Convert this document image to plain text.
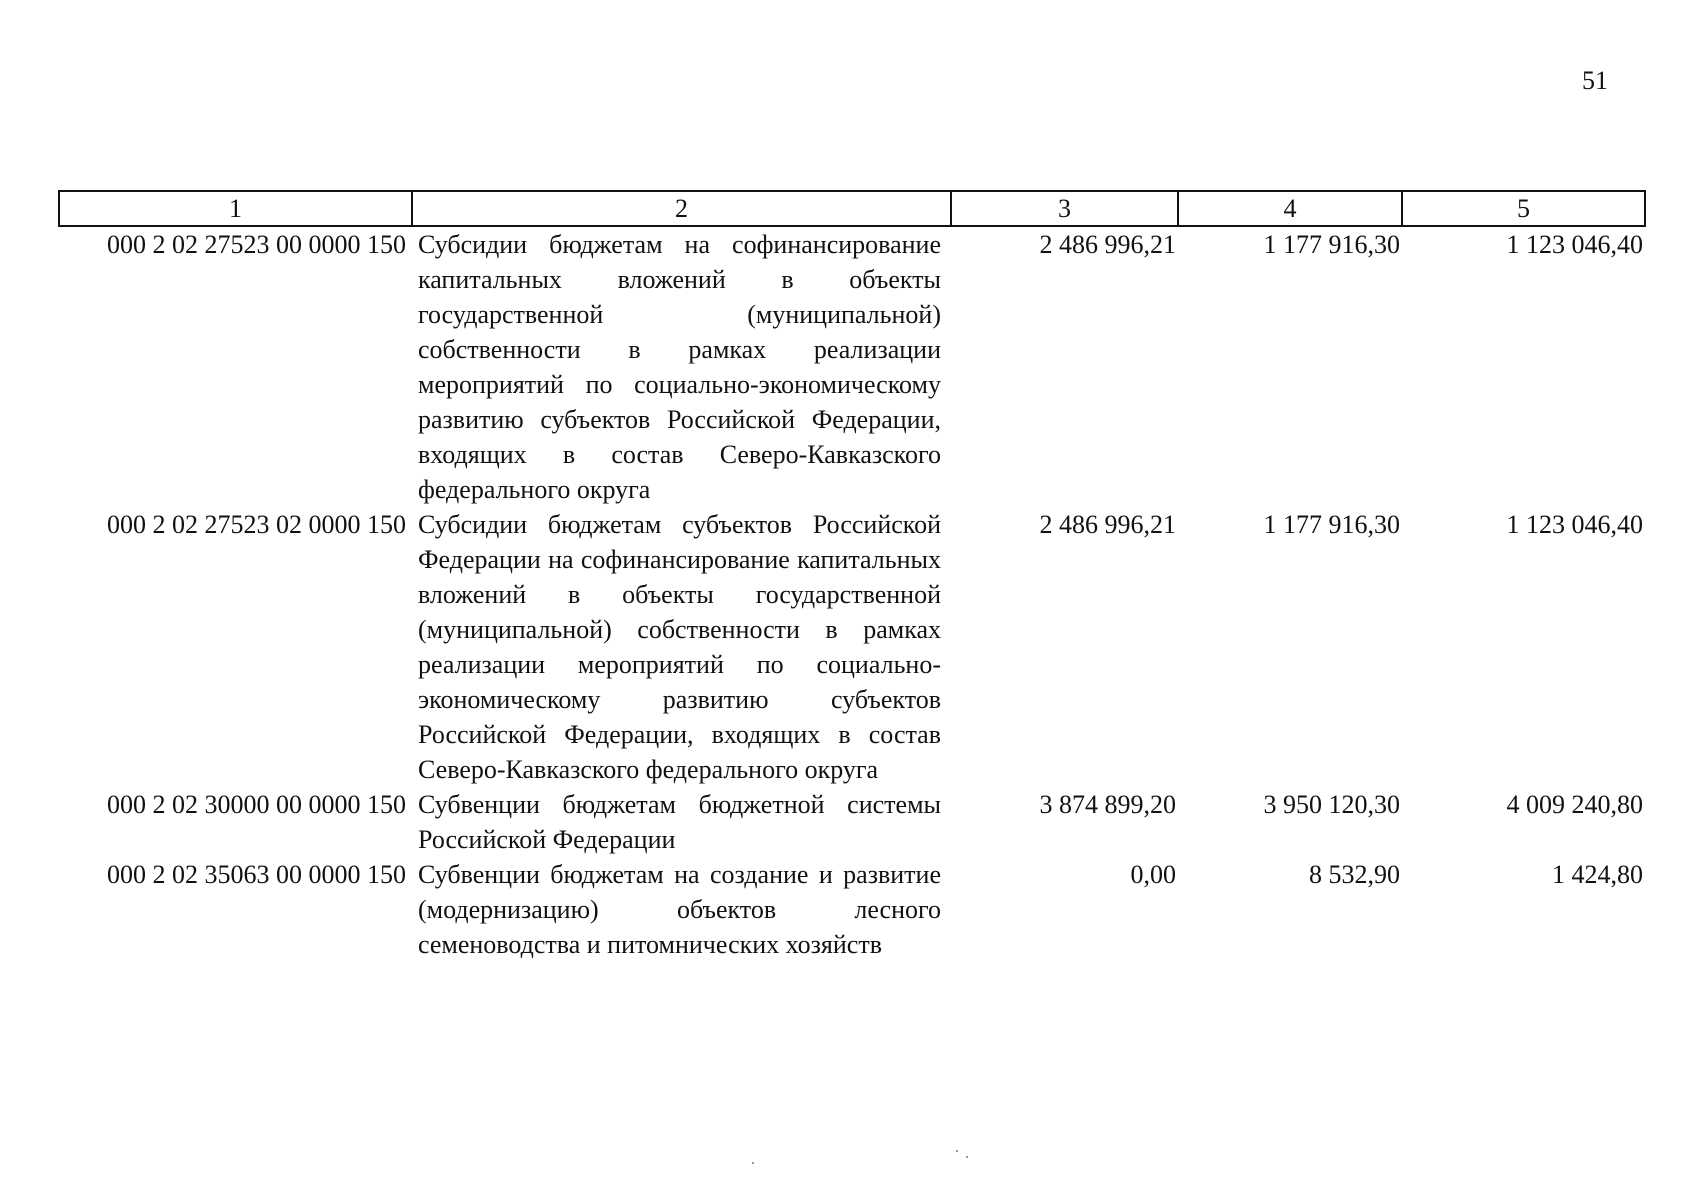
51
1	2	3	4	5
000 2 02 27523 00 0000 150	Субсидии бюджетам на софинансирование капитальных вложений в объекты государственной (муниципальной) собственности в рамках реализации мероприятий по социально-экономическому развитию субъектов Российской Федерации, входящих в состав Северо-Кавказского федерального округа	2 486 996,21	1 177 916,30	1 123 046,40
000 2 02 27523 02 0000 150	Субсидии бюджетам субъектов Российской Федерации на софинансирование капитальных вложений в объекты государственной (муниципальной) собственности в рамках реализации мероприятий по социально-экономическому развитию субъектов Российской Федерации, входящих в состав Северо-Кавказского федерального округа	2 486 996,21	1 177 916,30	1 123 046,40
000 2 02 30000 00 0000 150	Субвенции бюджетам бюджетной системы Российской Федерации	3 874 899,20	3 950 120,30	4 009 240,80
000 2 02 35063 00 0000 150	Субвенции бюджетам на создание и развитие (модернизацию) объектов лесного семеноводства и питомнических хозяйств	0,00	8 532,90	1 424,80
